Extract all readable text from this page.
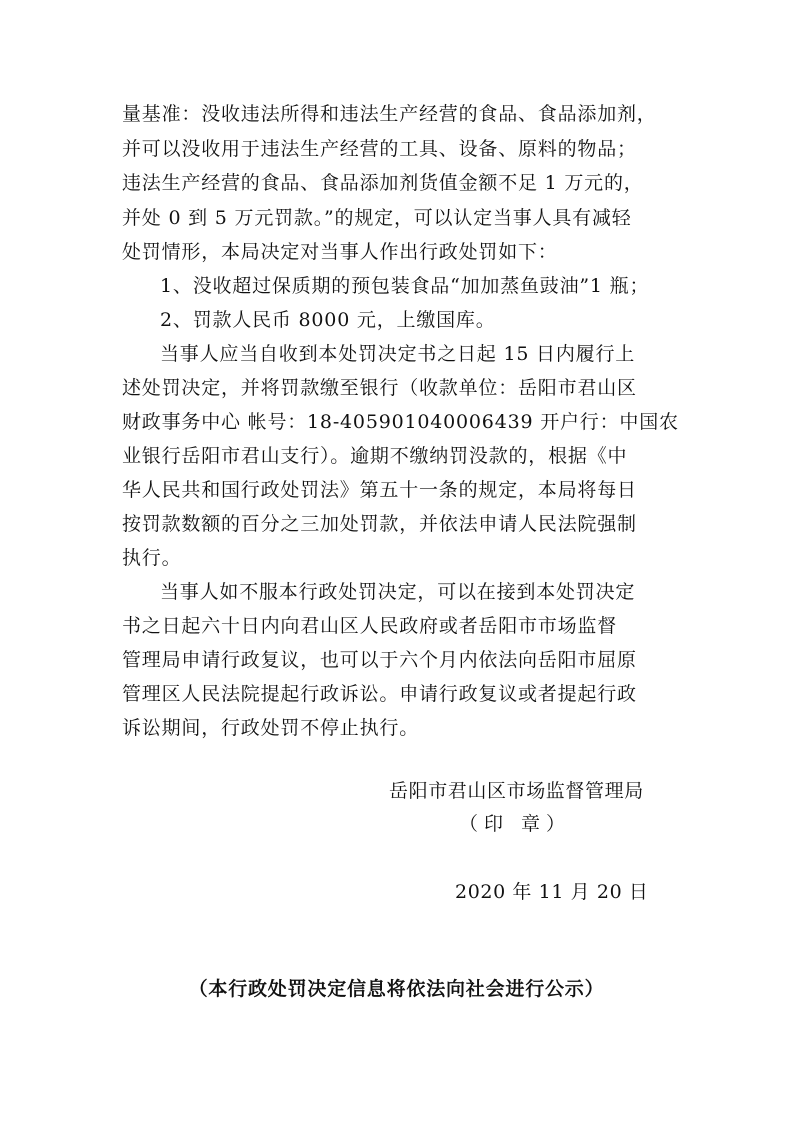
量基准：没收违法所得和违法生产经营的食品、食品添加剂，
并可以没收用于违法生产经营的工具、设备、原料的物品；
违法生产经营的食品、食品添加剂货值金额不足 1 万元的，
并处 0 到 5 万元罚款。”的规定，可以认定当事人具有减轻
处罚情形，本局决定对当事人作出行政处罚如下：
1、没收超过保质期的预包装食品“加加蒸鱼豉油”1 瓶；
2、罚款人民币 8000 元，上缴国库。
当事人应当自收到本处罚决定书之日起 15 日内履行上
述处罚决定，并将罚款缴至银行（收款单位：岳阳市君山区
财政事务中心 帐号：18-405901040006439 开户行：中国农
业银行岳阳市君山支行）。逾期不缴纳罚没款的，根据《中
华人民共和国行政处罚法》第五十一条的规定，本局将每日
按罚款数额的百分之三加处罚款，并依法申请人民法院强制
执行。
当事人如不服本行政处罚决定，可以在接到本处罚决定
书之日起六十日内向君山区人民政府或者岳阳市市场监督
管理局申请行政复议，也可以于六个月内依法向岳阳市屈原
管理区人民法院提起行政诉讼。申请行政复议或者提起行政
诉讼期间，行政处罚不停止执行。
岳阳市君山区市场监督管理局
（印 章）
2020 年 11 月 20 日
（本行政处罚决定信息将依法向社会进行公示）
